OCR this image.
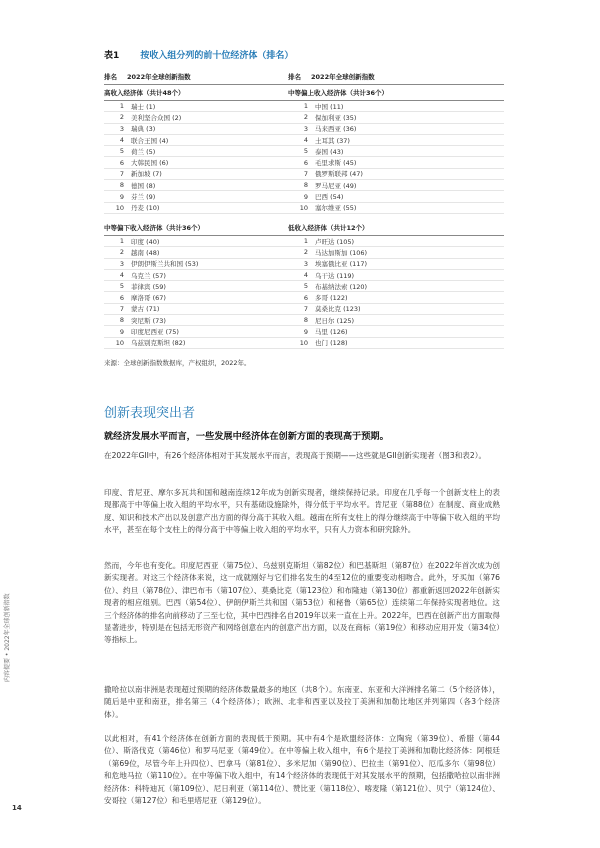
表1 按收入组分列的前十位经济体（排名）
排名 2022年全球创新指数
高收入经济体（共计48个）
1	瑞士 (1)
2	美利坚合众国 (2)
3	瑞典 (3)
4	联合王国 (4)
5	荷兰 (5)
6	大韩民国 (6)
7	新加坡 (7)
8	德国 (8)
9	芬兰 (9)
10	丹麦 (10)
排名 2022年全球创新指数
中等偏上收入经济体（共计36个）
1	中国 (11)
2	保加利亚 (35)
3	马来西亚 (36)
4	土耳其 (37)
5	泰国 (43)
6	毛里求斯 (45)
7	俄罗斯联邦 (47)
8	罗马尼亚 (49)
9	巴西 (54)
10	塞尔维亚 (55)
中等偏下收入经济体（共计36个）
1	印度 (40)
2	越南 (48)
3	伊朗伊斯兰共和国 (53)
4	乌克兰 (57)
5	菲律宾 (59)
6	摩洛哥 (67)
7	蒙古 (71)
8	突尼斯 (73)
9	印度尼西亚 (75)
10	乌兹别克斯坦 (82)
低收入经济体（共计12个）
1	卢旺达 (105)
2	马达加斯加 (106)
3	埃塞俄比亚 (117)
4	乌干达 (119)
5	布基纳法索 (120)
6	多哥 (122)
7	莫桑比克 (123)
8	尼日尔 (125)
9	马里 (126)
10	也门 (128)
来源：全球创新指数数据库，产权组织，2022年。
创新表现突出者
就经济发展水平而言，一些发展中经济体在创新方面的表现高于预期。

在2022年GII中，有26个经济体相对于其发展水平而言，表现高于预期——这些就是GII创新实现者（图3和表2）。

印度、肯尼亚、摩尔多瓦共和国和越南连续12年成为创新实现者，继续保持记录。印度在几乎每一个创新支柱上的表现都高于中等偏上收入组的平均水平，只有基础设施除外，得分低于平均水平。肯尼亚（第88位）在制度、商业成熟度、知识和技术产出以及创意产出方面的得分高于其收入组。越南在所有支柱上的得分继续高于中等偏下收入组的平均水平，甚至在每个支柱上的得分高于中等偏上收入组的平均水平，只有人力资本和研究除外。

然而，今年也有变化。印度尼西亚（第75位）、乌兹别克斯坦（第82位）和巴基斯坦（第87位）在2022年首次成为创新实现者。对这三个经济体来说，这一成就刚好与它们排名发生的4至12位的重要变动相吻合。此外，牙买加（第76位）、约旦（第78位）、津巴布韦（第107位）、莫桑比克（第123位）和布隆迪（第130位）都重新返回2022年创新实现者的相应组别。巴西（第54位）、伊朗伊斯兰共和国（第53位）和秘鲁（第65位）连续第二年保持实现者地位。这三个经济体的排名向前移动了三至七位，其中巴西排名自2019年以来一直在上升。2022年，巴西在创新产出方面取得显著进步，特别是在包括无形资产和网络创意在内的创意产出方面，以及在商标（第19位）和移动应用开发（第34位）等指标上。

撒哈拉以南非洲是表现超过预期的经济体数量最多的地区（共8个）。东南亚、东亚和大洋洲排名第二（5个经济体），随后是中亚和南亚，排名第三（4个经济体）；欧洲、北非和西亚以及拉丁美洲和加勒比地区并列第四（各3个经济体）。

以此相对，有41个经济体在创新方面的表现低于预期。其中有4个是欧盟经济体：立陶宛（第39位）、希腊（第44位）、斯洛伐克（第46位）和罗马尼亚（第49位）。在中等偏上收入组中，有6个是拉丁美洲和加勒比经济体：阿根廷（第69位，尽管今年上升四位）、巴拿马（第81位）、多米尼加（第90位）、巴拉圭（第91位）、厄瓜多尔（第98位）和危地马拉（第110位）。在中等偏下收入组中，有14个经济体的表现低于对其发展水平的预期，包括撒哈拉以南非洲经济体：科特迪瓦（第109位）、尼日利亚（第114位）、赞比亚（第118位）、喀麦隆（第121位）、贝宁（第124位）、安哥拉（第127位）和毛里塔尼亚（第129位）。

内容提要 • 2022年全球创新指数
14
